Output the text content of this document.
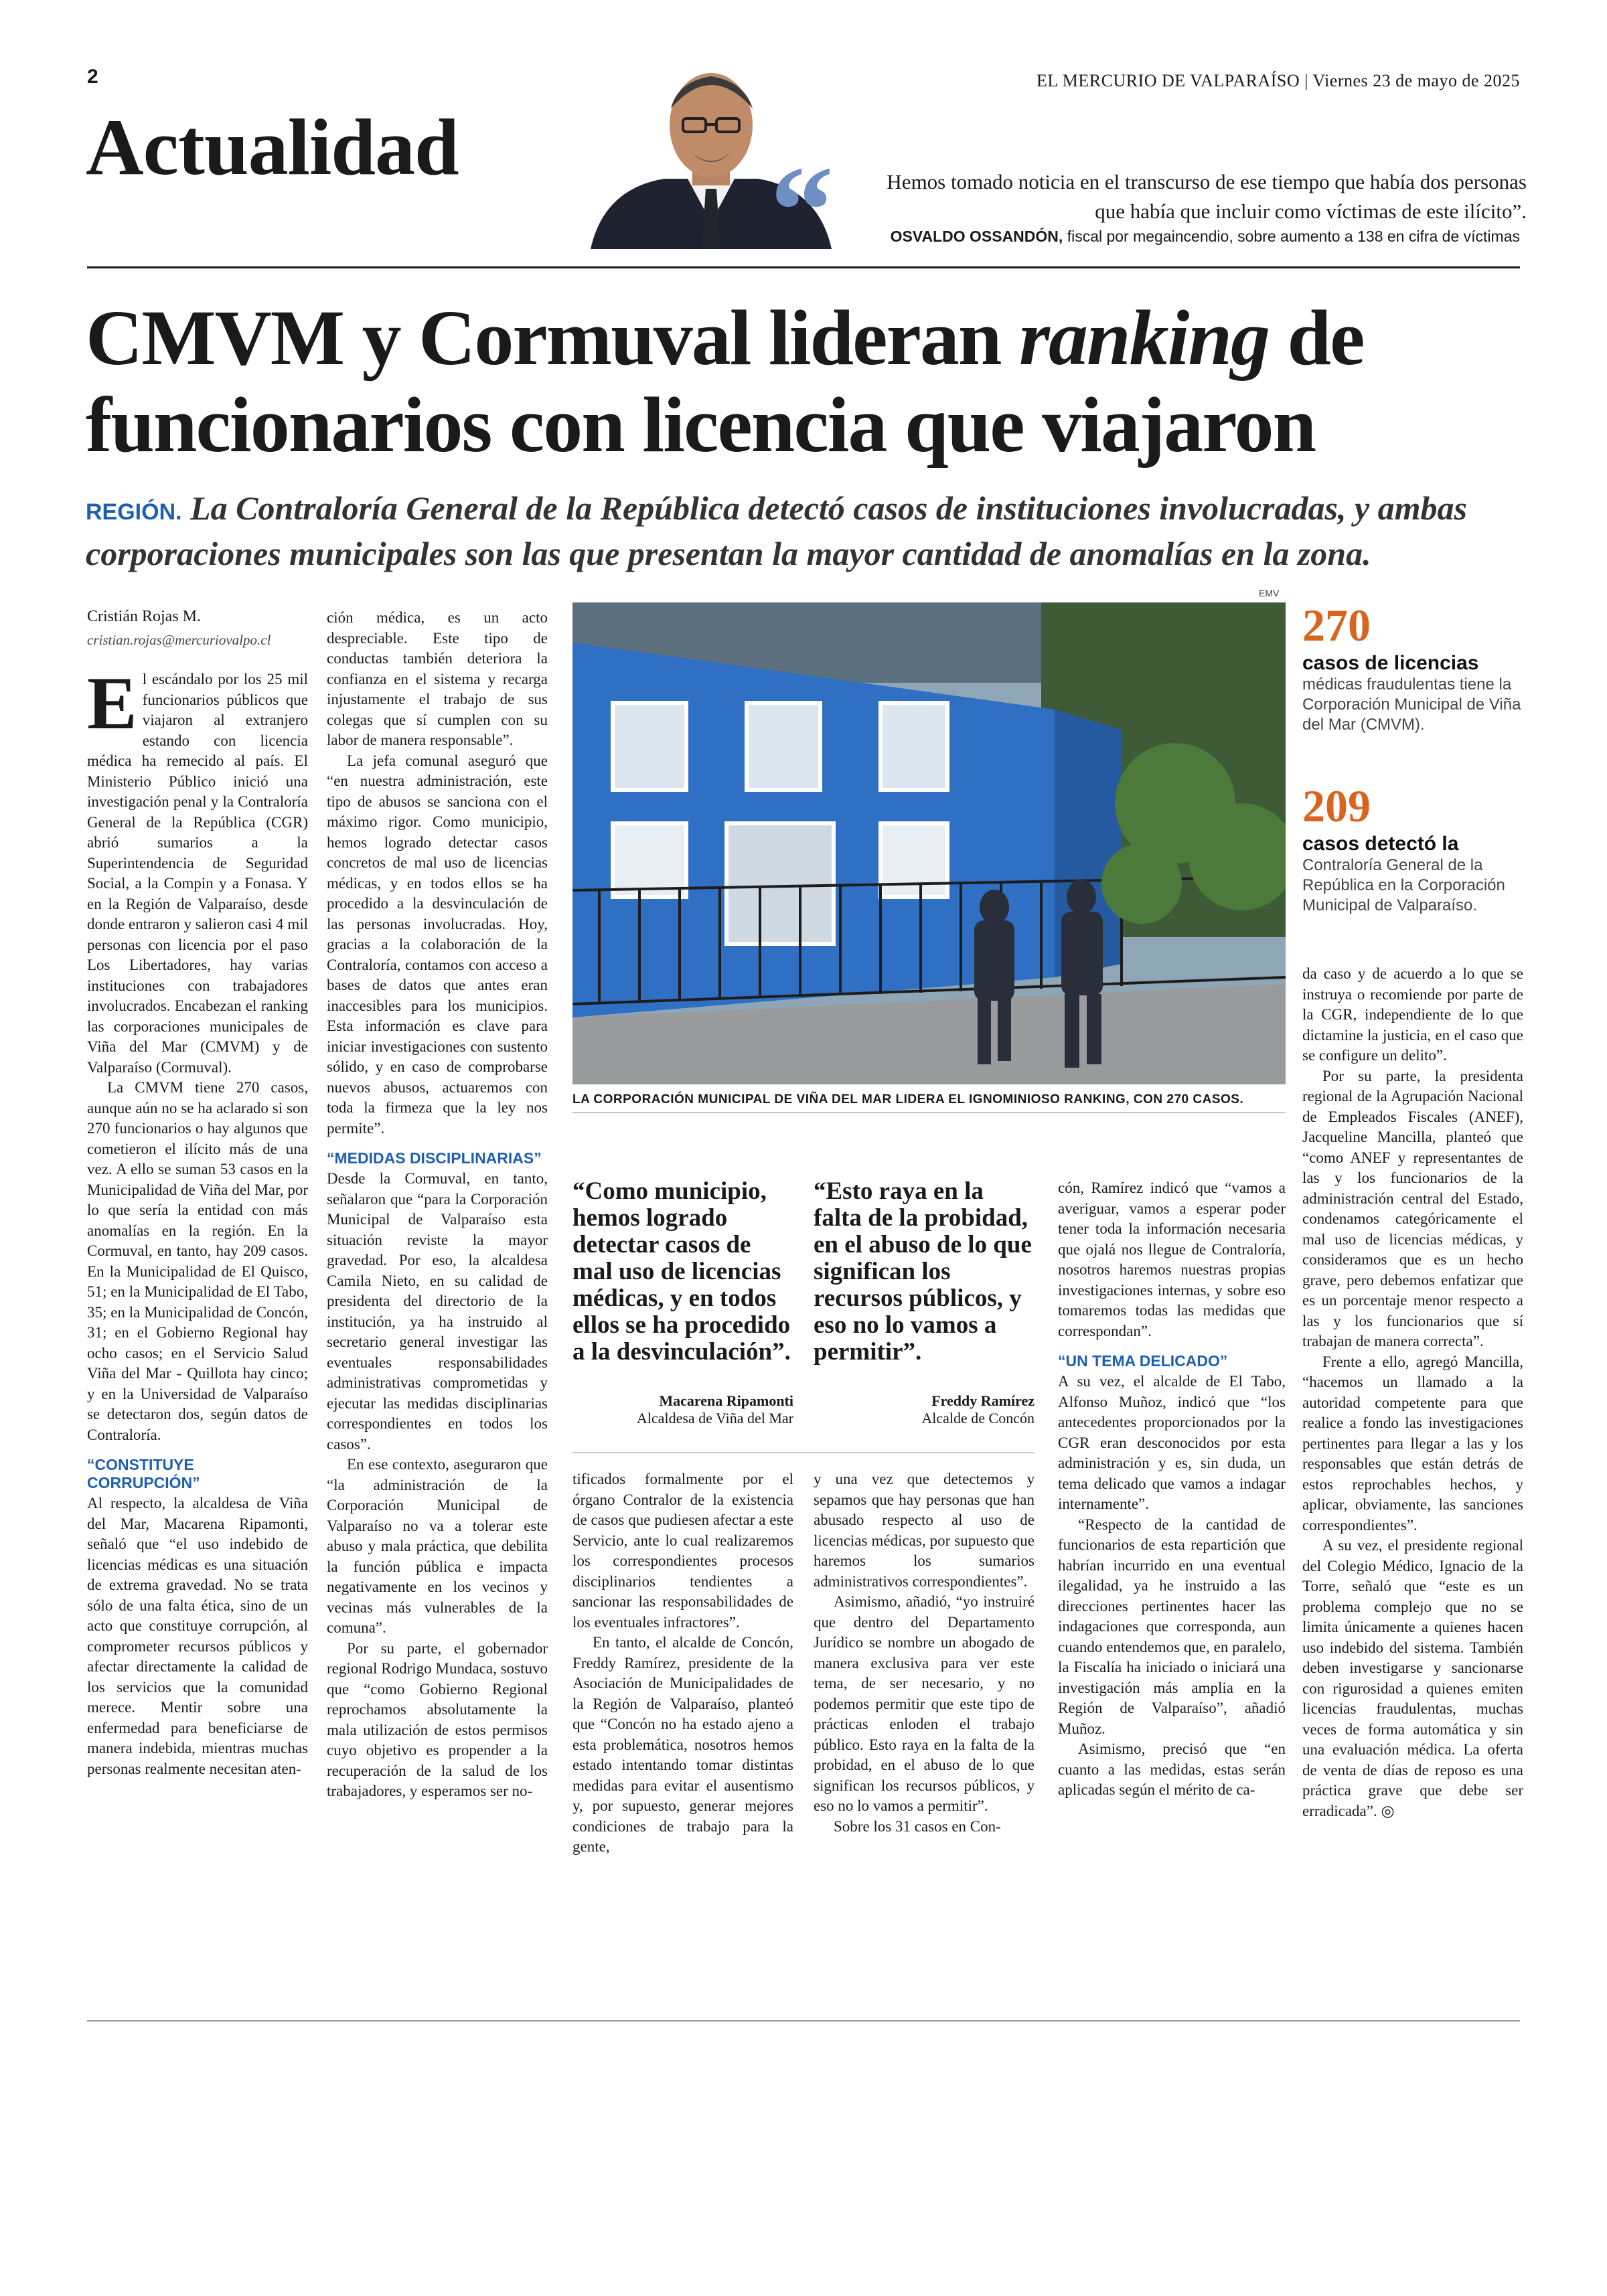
2	EL MERCURIO DE VALPARAÍSO | Viernes 23 de mayo de 2025
Actualidad “	Hemos tomado noticia en el transcurso de ese tiempo que había dos personas que había que incluir como víctimas de este ilícito”.
OSVALDO OSSANDÓN, fiscal por megaincendio, sobre aumento a 138 en cifra de víctimas
CMVM y Cormuval lideran ranking de funcionarios con licencia que viajaron
REGIÓN. La Contraloría General de la República detectó casos de instituciones involucradas, y ambas corporaciones municipales son las que presentan la mayor cantidad de anomalías en la zona.
Cristián Rojas M.
cristian.rojas@mercuriovalpo.cl

El escándalo por los 25 mil funcionarios públicos que viajaron al extranjero estando con licencia médica ha remecido al país. El Ministerio Público inició una investigación penal y la Contraloría General de la República (CGR) abrió sumarios a la Superintendencia de Seguridad Social, a la Compin y a Fonasa. Y en la Región de Valparaíso, desde donde entraron y salieron casi 4 mil personas con licencia por el paso Los Libertadores, hay varias instituciones con trabajadores involucrados. Encabezan el ranking las corporaciones municipales de Viña del Mar (CMVM) y de Valparaíso (Cormuval).

La CMVM tiene 270 casos, aunque aún no se ha aclarado si son 270 funcionarios o hay algunos que cometieron el ilícito más de una vez. A ello se suman 53 casos en la Municipalidad de Viña del Mar, por lo que sería la entidad con más anomalías en la región. En la Cormuval, en tanto, hay 209 casos. En la Municipalidad de El Quisco, 51; en la Municipalidad de El Tabo, 35; en la Municipalidad de Concón, 31; en el Gobierno Regional hay ocho casos; en el Servicio Salud Viña del Mar - Quillota hay cinco; y en la Universidad de Valparaíso se detectaron dos, según datos de Contraloría.

“CONSTITUYE CORRUPCIÓN”

Al respecto, la alcaldesa de Viña del Mar, Macarena Ripamonti, señaló que “el uso indebido de licencias médicas es una situación de extrema gravedad. No se trata sólo de una falta ética, sino de un acto que constituye corrupción, al comprometer recursos públicos y afectar directamente la calidad de los servicios que la comunidad merece. Mentir sobre una enfermedad para beneficiarse de manera indebida, mientras muchas personas realmente necesitan aten-

ción médica, es un acto despreciable. Este tipo de conductas también deteriora la confianza en el sistema y recarga injustamente el trabajo de sus colegas que sí cumplen con su labor de manera responsable”.

La jefa comunal aseguró que “en nuestra administración, este tipo de abusos se sanciona con el máximo rigor. Como municipio, hemos logrado detectar casos concretos de mal uso de licencias médicas, y en todos ellos se ha procedido a la desvinculación de las personas involucradas. Hoy, gracias a la colaboración de la Contraloría, contamos con acceso a bases de datos que antes eran inaccesibles para los municipios. Esta información es clave para iniciar investigaciones con sustento sólido, y en caso de comprobarse nuevos abusos, actuaremos con toda la firmeza que la ley nos permite”.

“MEDIDAS DISCIPLINARIAS”

Desde la Cormuval, en tanto, señalaron que “para la Corporación Municipal de Valparaíso esta situación reviste la mayor gravedad. Por eso, la alcaldesa Camila Nieto, en su calidad de presidenta del directorio de la institución, ya ha instruido al secretario general investigar las eventuales responsabilidades administrativas comprometidas y ejecutar las medidas disciplinarias correspondientes en todos los casos”.

En ese contexto, aseguraron que “la administración de la Corporación Municipal de Valparaíso no va a tolerar este abuso y mala práctica, que debilita la función pública e impacta negativamente en los vecinos y vecinas más vulnerables de la comuna”.

Por su parte, el gobernador regional Rodrigo Mundaca, sostuvo que “como Gobierno Regional reprochamos absolutamente la mala utilización de estos permisos cuyo objetivo es propender a la recuperación de la salud de los trabajadores, y esperamos ser no-

EMV
LA CORPORACIÓN MUNICIPAL DE VIÑA DEL MAR LIDERA EL IGNOMINIOSO RANKING, CON 270 CASOS.
“Como municipio, hemos logrado detectar casos de mal uso de licencias médicas, y en todos ellos se ha procedido a la desvinculación”.
Macarena Ripamonti
Alcaldesa de Viña del Mar
“Esto raya en la falta de la probidad, en el abuso de lo que significan los recursos públicos, y eso no lo vamos a permitir”.
Freddy Ramírez
Alcalde de Concón

tificados formalmente por el órgano Contralor de la existencia de casos que pudiesen afectar a este Servicio, ante lo cual realizaremos los correspondientes procesos disciplinarios tendientes a sancionar las responsabilidades de los eventuales infractores”.

En tanto, el alcalde de Concón, Freddy Ramírez, presidente de la Asociación de Municipalidades de la Región de Valparaíso, planteó que “Concón no ha estado ajeno a esta problemática, nosotros hemos estado intentando tomar distintas medidas para evitar el ausentismo y, por supuesto, generar mejores condiciones de trabajo para la gente,

y una vez que detectemos y sepamos que hay personas que han abusado respecto al uso de licencias médicas, por supuesto que haremos los sumarios administrativos correspondientes”.

Asimismo, añadió, “yo instruiré que dentro del Departamento Jurídico se nombre un abogado de manera exclusiva para ver este tema, de ser necesario, y no podemos permitir que este tipo de prácticas enloden el trabajo público. Esto raya en la falta de la probidad, en el abuso de lo que significan los recursos públicos, y eso no lo vamos a permitir”.

Sobre los 31 casos en Con-

cón, Ramírez indicó que “vamos a averiguar, vamos a esperar poder tener toda la información necesaria que ojalá nos llegue de Contraloría, nosotros haremos nuestras propias investigaciones internas, y sobre eso tomaremos todas las medidas que correspondan”.

“UN TEMA DELICADO”

A su vez, el alcalde de El Tabo, Alfonso Muñoz, indicó que “los antecedentes proporcionados por la CGR eran desconocidos por esta administración y es, sin duda, un tema delicado que vamos a indagar internamente”.

“Respecto de la cantidad de funcionarios de esta repartición que habrían incurrido en una eventual ilegalidad, ya he instruido a las direcciones pertinentes hacer las indagaciones que corresponda, aun cuando entendemos que, en paralelo, la Fiscalía ha iniciado o iniciará una investigación más amplia en la Región de Valparaíso”, añadió Muñoz.

Asimismo, precisó que “en cuanto a las medidas, estas serán aplicadas según el mérito de ca-

270
casos de licencias médicas fraudulentas tiene la Corporación Municipal de Viña del Mar (CMVM).
209
casos detectó la Contraloría General de la República en la Corporación Municipal de Valparaíso.

da caso y de acuerdo a lo que se instruya o recomiende por parte de la CGR, independiente de lo que dictamine la justicia, en el caso que se configure un delito”.

Por su parte, la presidenta regional de la Agrupación Nacional de Empleados Fiscales (ANEF), Jacqueline Mancilla, planteó que “como ANEF y representantes de las y los funcionarios de la administración central del Estado, condenamos categóricamente el mal uso de licencias médicas, y consideramos que es un hecho grave, pero debemos enfatizar que es un porcentaje menor respecto a las y los funcionarios que sí trabajan de manera correcta”.

Frente a ello, agregó Mancilla, “hacemos un llamado a la autoridad competente para que realice a fondo las investigaciones pertinentes para llegar a las y los responsables que están detrás de estos reprochables hechos, y aplicar, obviamente, las sanciones correspondientes”.

A su vez, el presidente regional del Colegio Médico, Ignacio de la Torre, señaló que “este es un problema complejo que no se limita únicamente a quienes hacen uso indebido del sistema. También deben investigarse y sancionarse con rigurosidad a quienes emiten licencias fraudulentas, muchas veces de forma automática y sin una evaluación médica. La oferta de venta de días de reposo es una práctica grave que debe ser erradicada”. ◎
